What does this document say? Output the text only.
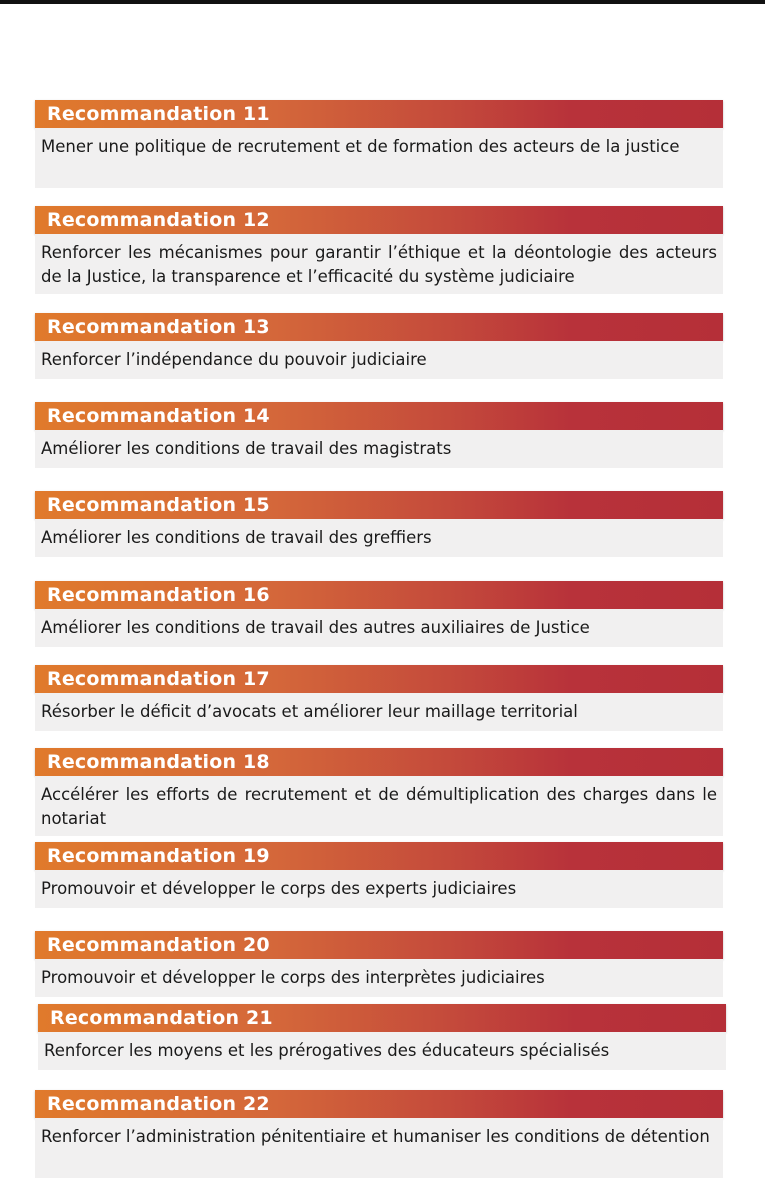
Recommandation 11

Mener une politique de recrutement et de formation des acteurs de la justice

Recommandation 12

Renforcer les mécanismes pour garantir l’éthique et la déontologie des acteurs de la Justice, la transparence et l’efficacité du système judiciaire

Recommandation 13

Renforcer l’indépendance du pouvoir judiciaire

Recommandation 14

Améliorer les conditions de travail des magistrats

Recommandation 15

Améliorer les conditions de travail des greffiers

Recommandation 16

Améliorer les conditions de travail des autres auxiliaires de Justice

Recommandation 17

Résorber le déficit d’avocats et améliorer leur maillage territorial

Recommandation 18

Accélérer les efforts de recrutement et de démultiplication des charges dans le notariat

Recommandation 19

Promouvoir et développer le corps des experts judiciaires

Recommandation 20

Promouvoir et développer le corps des interprètes judiciaires

Recommandation 21

Renforcer les moyens et les prérogatives des éducateurs spécialisés

Recommandation 22

Renforcer l’administration pénitentiaire et humaniser les conditions de détention
